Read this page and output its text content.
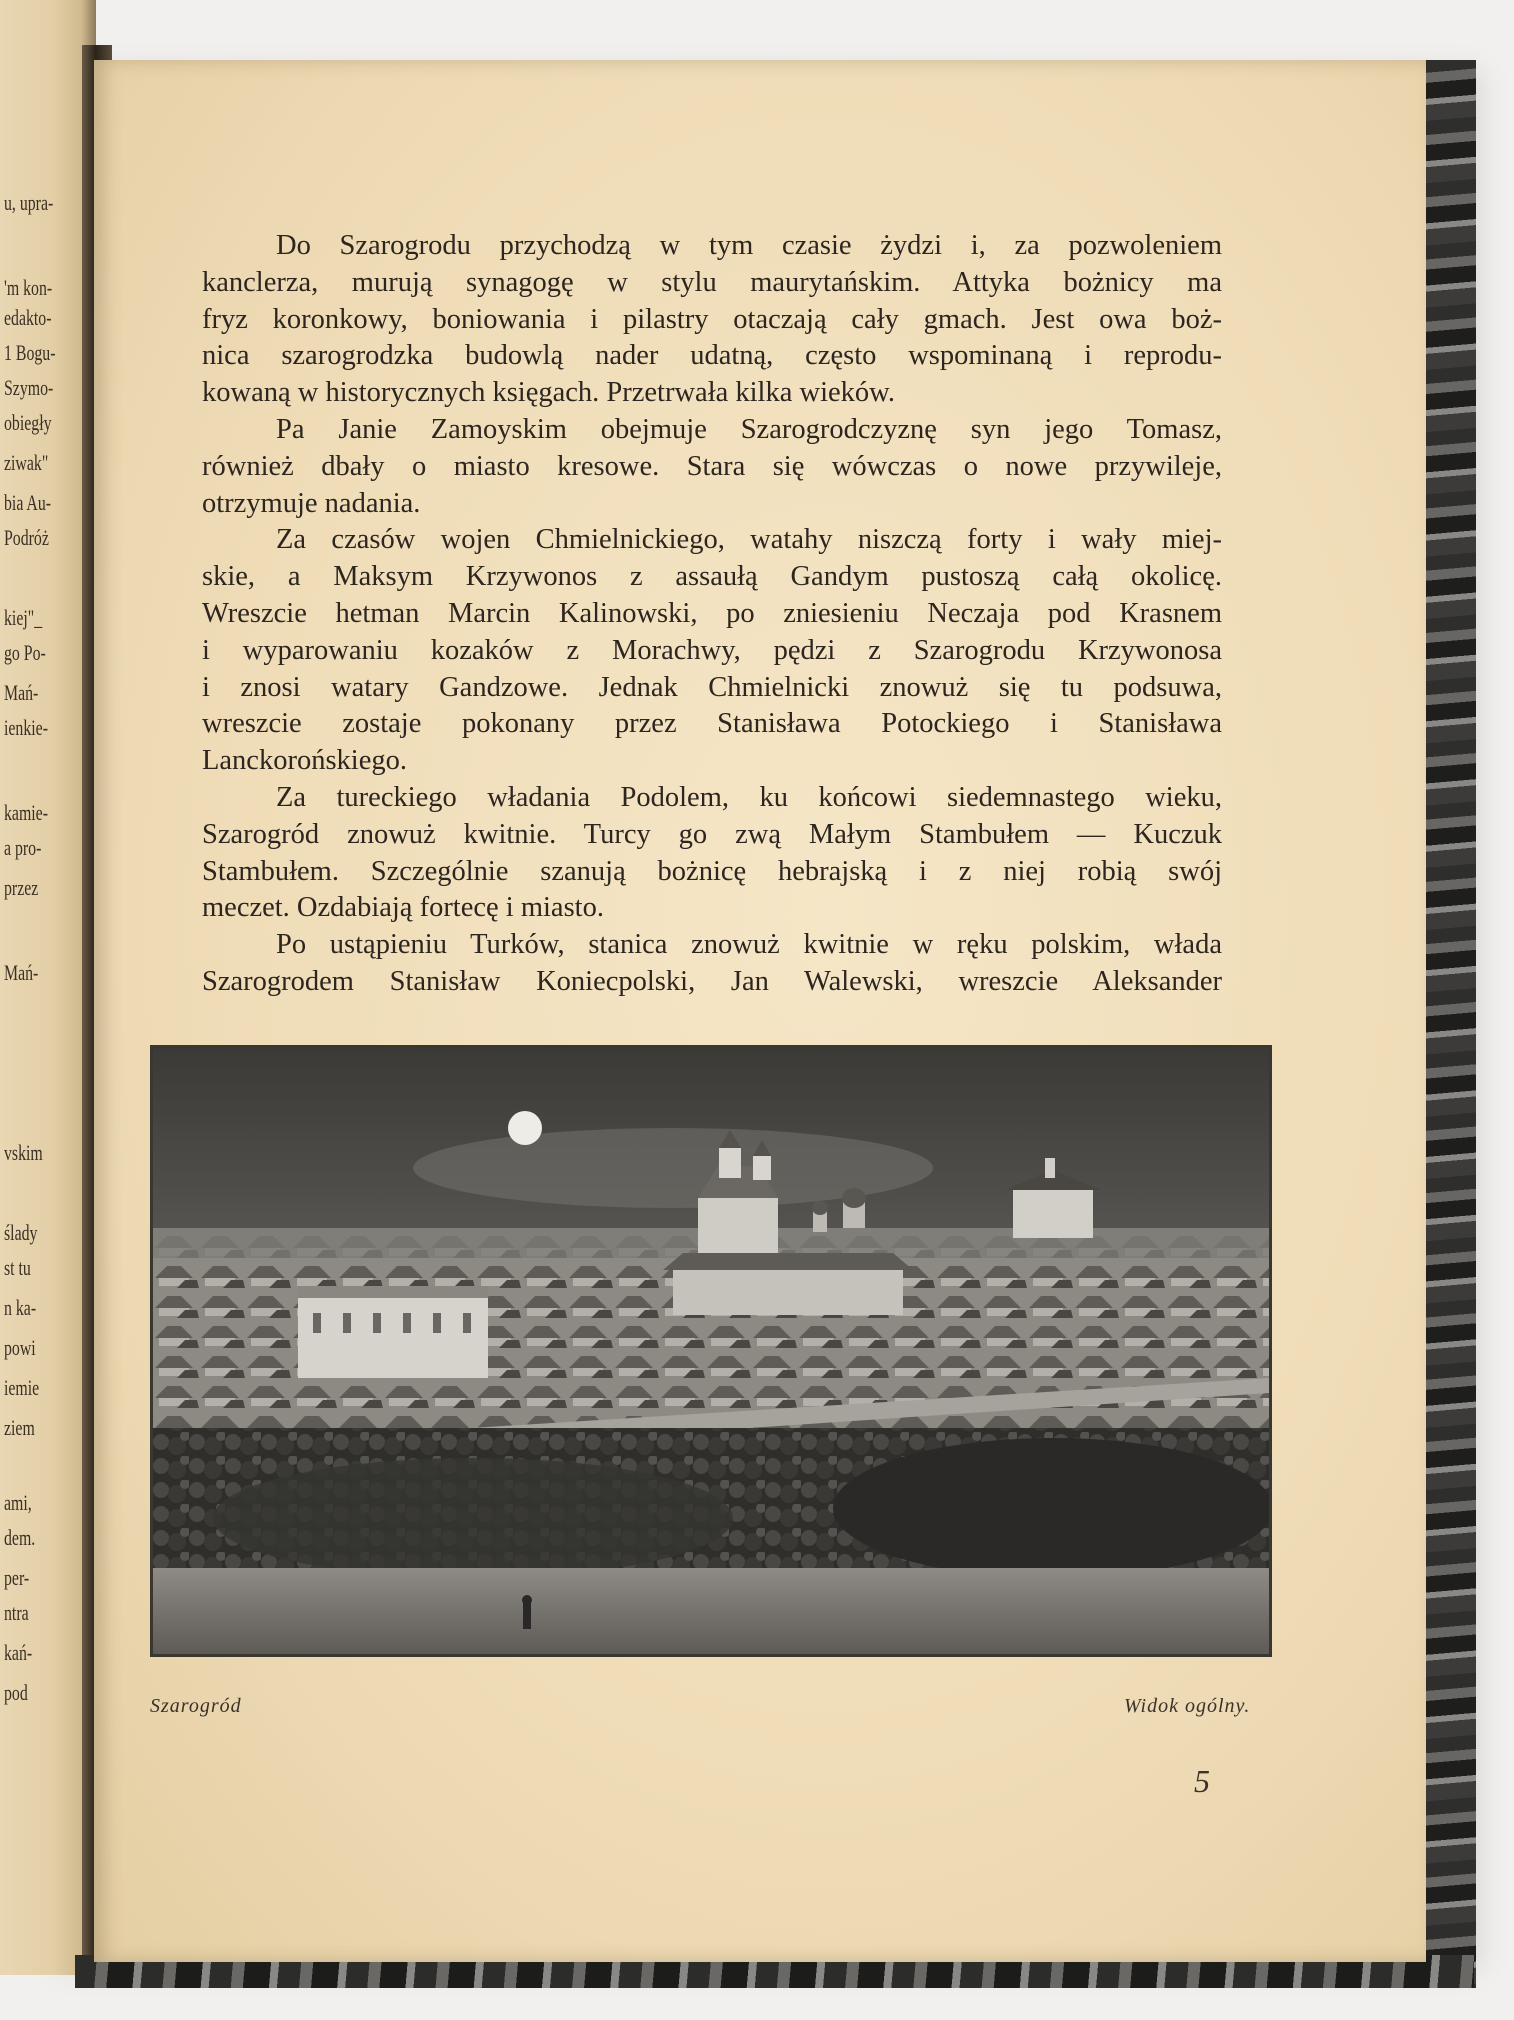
u, upra-

'm kon-

edakto-

1 Bogu-

Szymo-

obiegły

ziwak"

bia Au-

Podróż

kiej"_

go Po-

Mań-

ienkie-

kamie-

a pro-

przez

Mań-

vskim

ślady

st tu

n ka-

powi

iemie

ziem

ami,

dem.

per-

ntra

kań-

pod

Do Szarogrodu przychodzą w tym czasie żydzi i, za pozwoleniem

kanclerza, murują synagogę w stylu maurytańskim. Attyka bożnicy ma

fryz koronkowy, boniowania i pilastry otaczają cały gmach. Jest owa boż-

nica szarogrodzka budowlą nader udatną, często wspominaną i reprodu-

kowaną w historycznych księgach. Przetrwała kilka wieków.

Pa Janie Zamoyskim obejmuje Szarogrodczyznę syn jego Tomasz,

również dbały o miasto kresowe. Stara się wówczas o nowe przywileje,

otrzymuje nadania.

Za czasów wojen Chmielnickiego, watahy niszczą forty i wały miej-

skie, a Maksym Krzywonos z assaułą Gandym pustoszą całą okolicę.

Wreszcie hetman Marcin Kalinowski, po zniesieniu Neczaja pod Krasnem

i wyparowaniu kozaków z Morachwy, pędzi z Szarogrodu Krzywonosa

i znosi watary Gandzowe. Jednak Chmielnicki znowuż się tu podsuwa,

wreszcie zostaje pokonany przez Stanisława Potockiego i Stanisława

Lanckorońskiego.

Za tureckiego władania Podolem, ku końcowi siedemnastego wieku,

Szarogród znowuż kwitnie. Turcy go zwą Małym Stambułem — Kuczuk

Stambułem. Szczególnie szanują bożnicę hebrajską i z niej robią swój

meczet. Ozdabiają fortecę i miasto.

Po ustąpieniu Turków, stanica znowuż kwitnie w ręku polskim, włada

Szarogrodem Stanisław Koniecpolski, Jan Walewski, wreszcie Aleksander

Szarogród	Widok ogólny.

5
